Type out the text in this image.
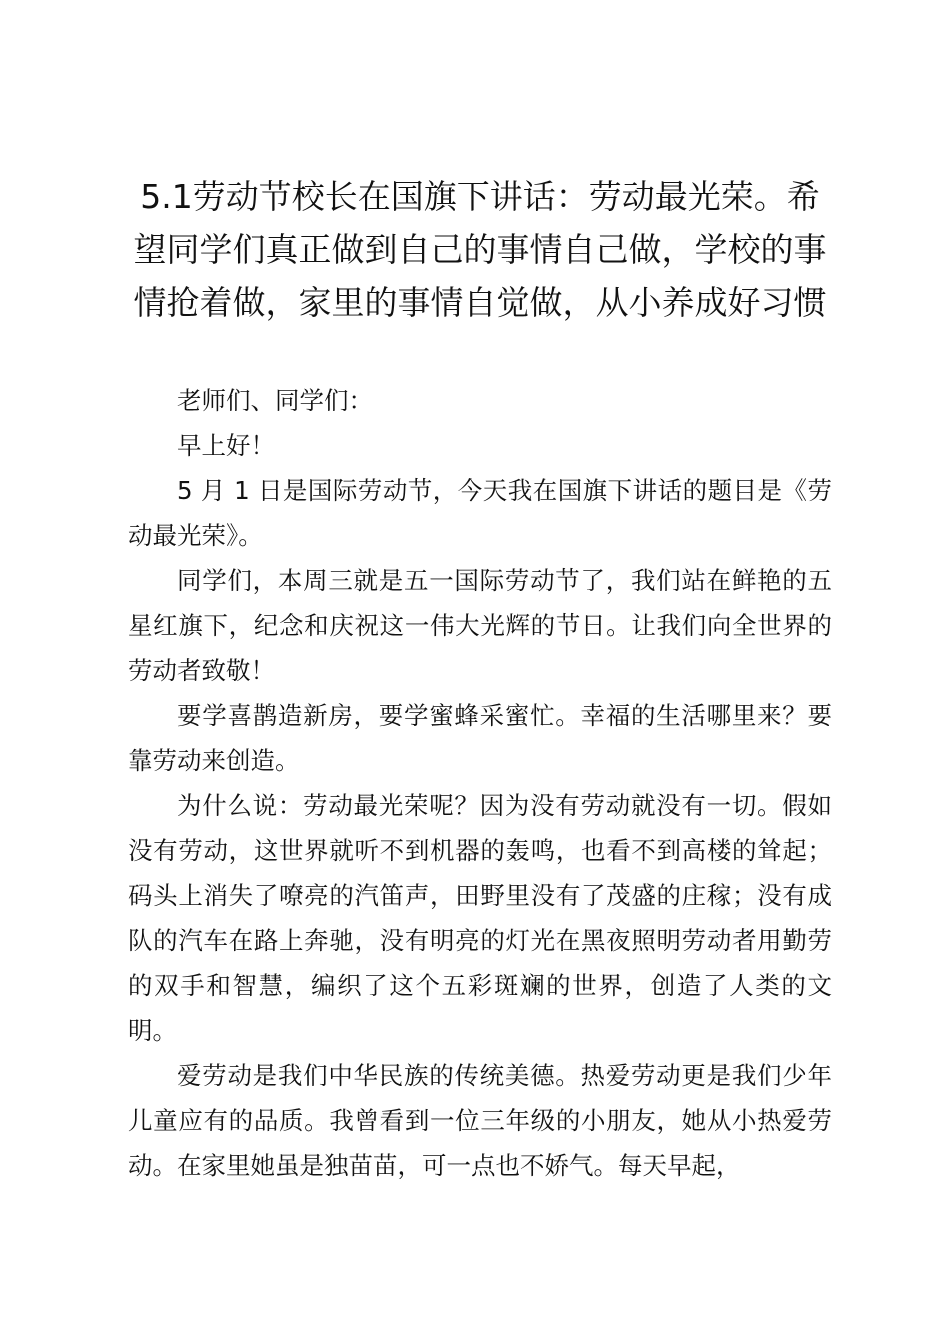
5.1劳动节校长在国旗下讲话：劳动最光荣。希望同学们真正做到自己的事情自己做，学校的事情抢着做，家里的事情自觉做，从小养成好习惯

老师们、同学们：

早上好！

5 月 1 日是国际劳动节，今天我在国旗下讲话的题目是《劳动最光荣》。

同学们，本周三就是五一国际劳动节了，我们站在鲜艳的五星红旗下，纪念和庆祝这一伟大光辉的节日。让我们向全世界的劳动者致敬！

要学喜鹊造新房，要学蜜蜂采蜜忙。幸福的生活哪里来？要靠劳动来创造。

为什么说：劳动最光荣呢？因为没有劳动就没有一切。假如没有劳动，这世界就听不到机器的轰鸣，也看不到高楼的耸起；码头上消失了嘹亮的汽笛声，田野里没有了茂盛的庄稼；没有成队的汽车在路上奔驰，没有明亮的灯光在黑夜照明劳动者用勤劳的双手和智慧，编织了这个五彩斑斓的世界，创造了人类的文明。

爱劳动是我们中华民族的传统美德。热爱劳动更是我们少年儿童应有的品质。我曾看到一位三年级的小朋友，她从小热爱劳动。在家里她虽是独苗苗，可一点也不娇气。每天早起，
